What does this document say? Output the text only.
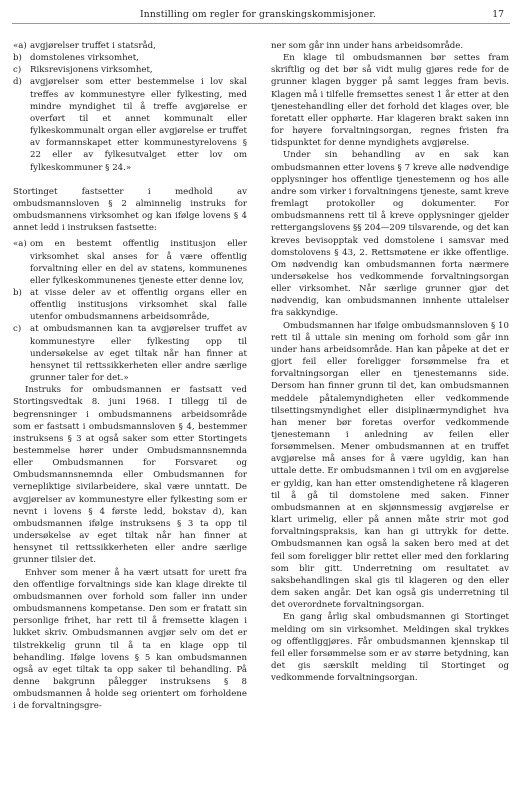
Innstilling om regler for granskingskommisjoner.	17
«a) avgjørelser truffet i statsråd,
b) domstolenes virksomhet,
c)	Riksrevisjonens virksomhet,
d) avgjørelser som etter bestemmelse i lov skal treffes av kommunestyre eller fylkesting, med mindre myndighet til å treffe avgjørelse er overført til et annet kommunalt eller fylkeskommunalt organ eller avgjørelse er truffet av formannskapet etter kommunestyrelovens § 22 eller av fylkesutvalget etter lov om fylkeskommuner § 24.»

Stortinget fastsetter i medhold av ombudsmannsloven § 2 alminnelig instruks for ombudsmannens virksomhet og kan ifølge lovens § 4 annet ledd i instruksen fastsette:

«a) om en bestemt offentlig institusjon eller virksomhet skal anses for å være offentlig forvaltning eller en del av statens, kommunenes eller fylkeskommunenes tjeneste etter denne lov,
b) at visse deler av et offentlig organs eller en offentlig institusjons virksomhet skal falle utenfor ombudsmannens arbeidsområde,
c)	at ombudsmannen kan ta avgjørelser truffet av kommunestyre eller fylkesting opp til undersøkelse av eget tiltak når han finner at hensynet til rettssikkerheten eller andre særlige grunner taler for det.»

Instruks for ombudsmannen er fastsatt ved Stortingsvedtak 8. juni 1968. I tillegg til de begrensninger i ombudsmannens arbeidsområde som er fastsatt i ombudsmannsloven § 4, bestemmer instruksens § 3 at også saker som etter Stortingets bestemmelse hører under Ombudsmannsnemnda eller Ombudsmannen for Forsvaret og Ombudsmannsnemnda eller Ombudsmannen for vernepliktige sivilarbeidere, skal være unntatt. De avgjørelser av kommunestyre eller fylkesting som er nevnt i lovens § 4 første ledd, bokstav d), kan ombudsmannen ifølge instruksens § 3 ta opp til undersøkelse av eget tiltak når han finner at hensynet til rettssikkerheten eller andre særlige grunner tilsier det.

Enhver som mener å ha vært utsatt for urett fra den offentlige forvaltnings side kan klage direkte til ombudsmannen over forhold som faller inn under ombudsmannens kompetanse. Den som er fratatt sin personlige frihet, har rett til å fremsette klagen i lukket skriv. Ombudsmannen avgjør selv om det er tilstrekkelig grunn til å ta en klage opp til behandling. Ifølge lovens § 5 kan ombudsmannen også av eget tiltak ta opp saker til behandling. På denne bakgrunn pålegger instruksens § 8 ombudsmannen å holde seg orientert om forholdene i de forvaltningsgre-

ner som går inn under hans arbeidsområde.

En klage til ombudsmannen bør settes fram skriftlig og det bør så vidt mulig gjøres rede for de grunner klagen bygger på samt legges fram bevis. Klagen må i tilfelle fremsettes senest 1 år etter at den tjenestehandling eller det forhold det klages over, ble foretatt eller opphørte. Har klageren brakt saken inn for høyere forvaltningsorgan, regnes fristen fra tidspunktet for denne myndighets avgjørelse.

Under sin behandling av en sak kan ombudsmannen etter lovens § 7 kreve alle nødvendige opplysninger hos offentlige tjenestemenn og hos alle andre som virker i forvaltningens tjeneste, samt kreve fremlagt protokoller og dokumenter. For ombudsmannens rett til å kreve opplysninger gjelder rettergangslovens §§ 204—209 tilsvarende, og det kan kreves bevisopptak ved domstolene i samsvar med domstolovens § 43, 2. Rettsmøtene er ikke offentlige. Om nødvendig kan ombudsmannen forta nærmere undersøkelse hos vedkommende forvaltningsorgan eller virksomhet. Når særlige grunner gjør det nødvendig, kan ombudsmannen innhente uttalelser fra sakkyndige.

Ombudsmannen har ifølge ombudsmannsloven § 10 rett til å uttale sin mening om forhold som går inn under hans arbeidsområde. Han kan påpeke at det er gjort feil eller foreligger forsømmelse fra et forvaltningsorgan eller en tjenestemanns side. Dersom han finner grunn til det, kan ombudsmannen meddele påtalemyndigheten eller vedkommende tilsettingsmyndighet eller disiplinærmyndighet hva han mener bør foretas overfor vedkommende tjenestemann i anledning av feilen eller forsømmelsen. Mener ombudsmannen at en truffet avgjørelse må anses for å være ugyldig, kan han uttale dette. Er ombudsmannen i tvil om en avgjørelse er gyldig, kan han etter omstendighetene rå klageren til å gå til domstolene med saken. Finner ombudsmannen at en skjønnsmessig avgjørelse er klart urimelig, eller på annen måte strir mot god forvaltningspraksis, kan han gi uttrykk for dette. Ombudsmannen kan også la saken bero med at det feil som foreligger blir rettet eller med den forklaring som blir gitt. Underretning om resultatet av saksbehandlingen skal gis til klageren og den eller dem saken angår. Det kan også gis underretning til det overordnete forvaltningsorgan.

En gang årlig skal ombudsmannen gi Stortinget melding om sin virksomhet. Meldingen skal trykkes og offentliggjøres. Får ombudsmannen kjennskap til feil eller forsømmelse som er av større betydning, kan det gis særskilt melding til Stortinget og vedkommende forvaltningsorgan.
